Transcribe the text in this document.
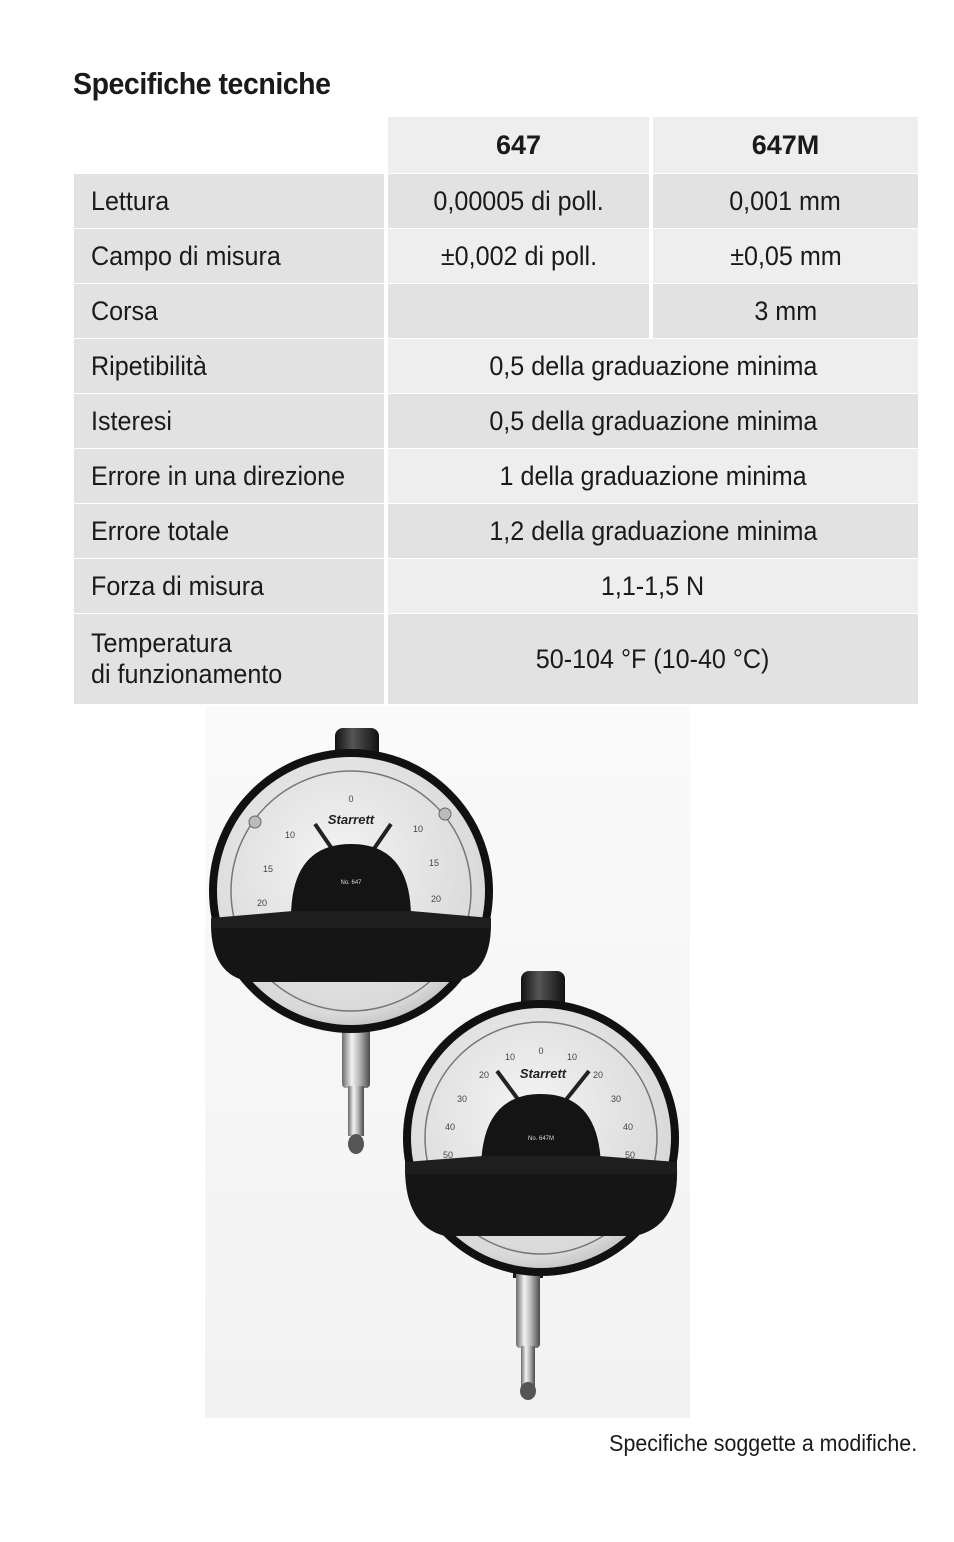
Specifiche tecniche
	647	647M
Lettura	0,00005 di poll.	0,001 mm
Campo di misura	±0,002 di poll.	±0,05 mm
Corsa		3 mm
Ripetibilità	0,5 della graduazione minima	
Isteresi	0,5 della graduazione minima	
Errore in una direzione	1 della graduazione minima	
Errore totale	1,2 della graduazione minima	
Forza di misura	1,1-1,5 N	
Temperatura
di funzionamento	50-104 °F (10-40 °C)	
0
10
15
20
10
15
20
Starrett
No. 647
0
10
20
30
40
50
10
20
30
40
50
Starrett
No. 647M
Specifiche soggette a modifiche.
